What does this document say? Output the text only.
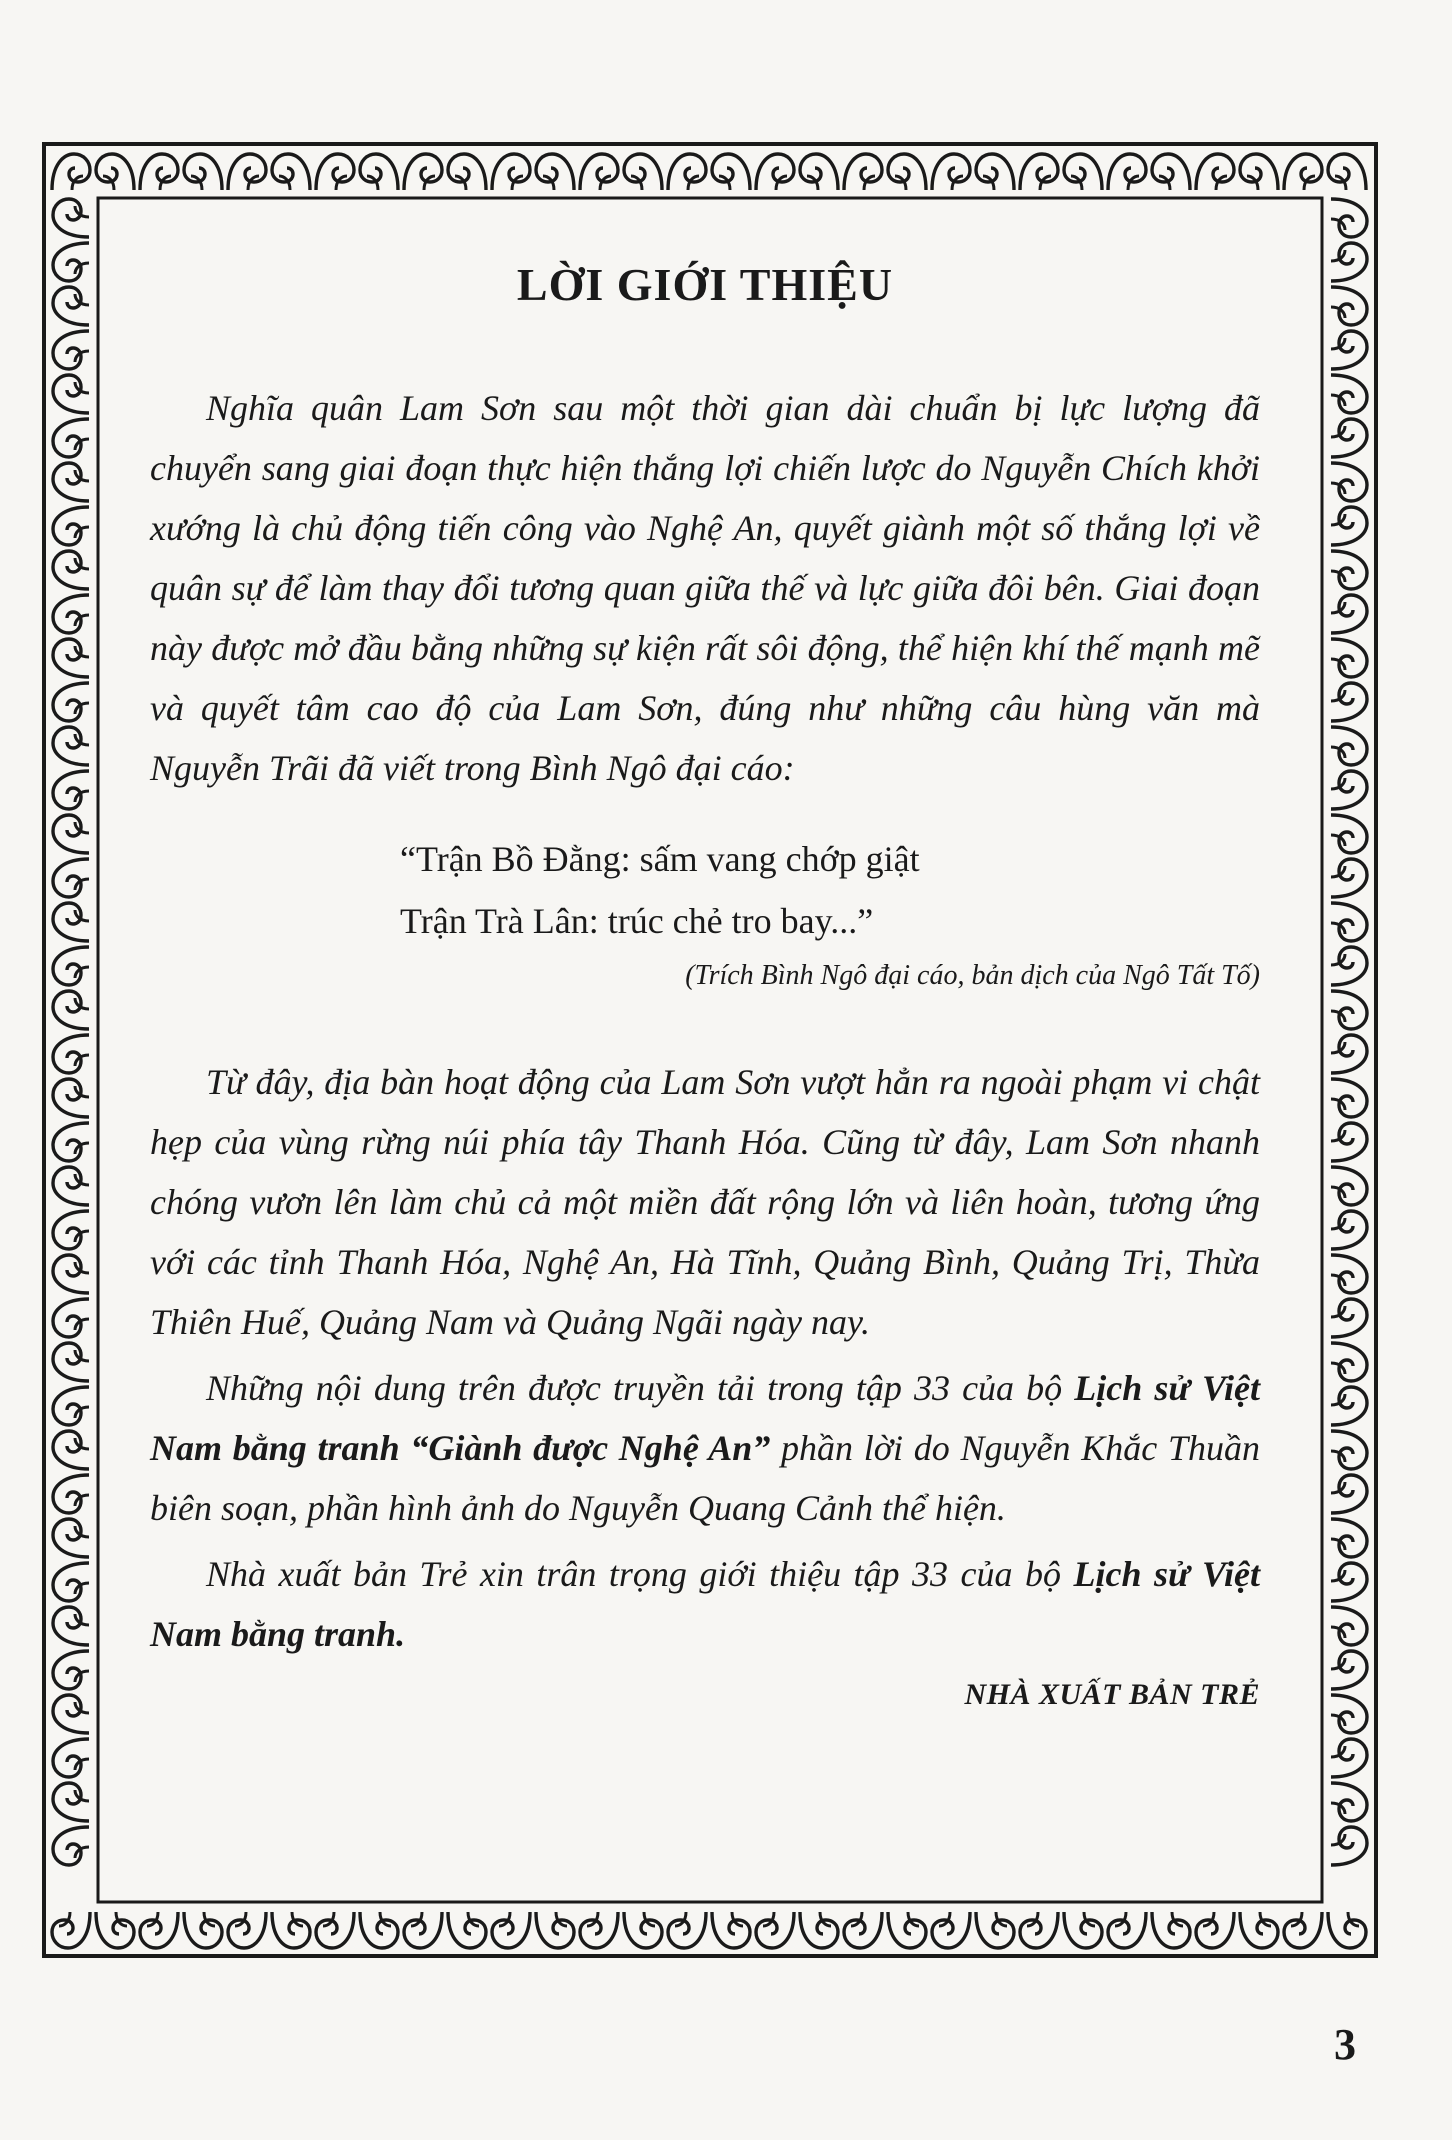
LỜI GIỚI THIỆU

Nghĩa quân Lam Sơn sau một thời gian dài chuẩn bị lực lượng đã chuyển sang giai đoạn thực hiện thắng lợi chiến lược do Nguyễn Chích khởi xướng là chủ động tiến công vào Nghệ An, quyết giành một số thắng lợi về quân sự để làm thay đổi tương quan giữa thế và lực giữa đôi bên. Giai đoạn này được mở đầu bằng những sự kiện rất sôi động, thể hiện khí thế mạnh mẽ và quyết tâm cao độ của Lam Sơn, đúng như những câu hùng văn mà Nguyễn Trãi đã viết trong Bình Ngô đại cáo:

“Trận Bồ Đằng: sấm vang chớp giật
Trận Trà Lân: trúc chẻ tro bay...”

(Trích Bình Ngô đại cáo, bản dịch của Ngô Tất Tố)

Từ đây, địa bàn hoạt động của Lam Sơn vượt hẳn ra ngoài phạm vi chật hẹp của vùng rừng núi phía tây Thanh Hóa. Cũng từ đây, Lam Sơn nhanh chóng vươn lên làm chủ cả một miền đất rộng lớn và liên hoàn, tương ứng với các tỉnh Thanh Hóa, Nghệ An, Hà Tĩnh, Quảng Bình, Quảng Trị, Thừa Thiên Huế, Quảng Nam và Quảng Ngãi ngày nay.

Những nội dung trên được truyền tải trong tập 33 của bộ Lịch sử Việt Nam bằng tranh “Giành được Nghệ An” phần lời do Nguyễn Khắc Thuần biên soạn, phần hình ảnh do Nguyễn Quang Cảnh thể hiện.

Nhà xuất bản Trẻ xin trân trọng giới thiệu tập 33 của bộ Lịch sử Việt Nam bằng tranh.

NHÀ XUẤT BẢN TRẺ
3
